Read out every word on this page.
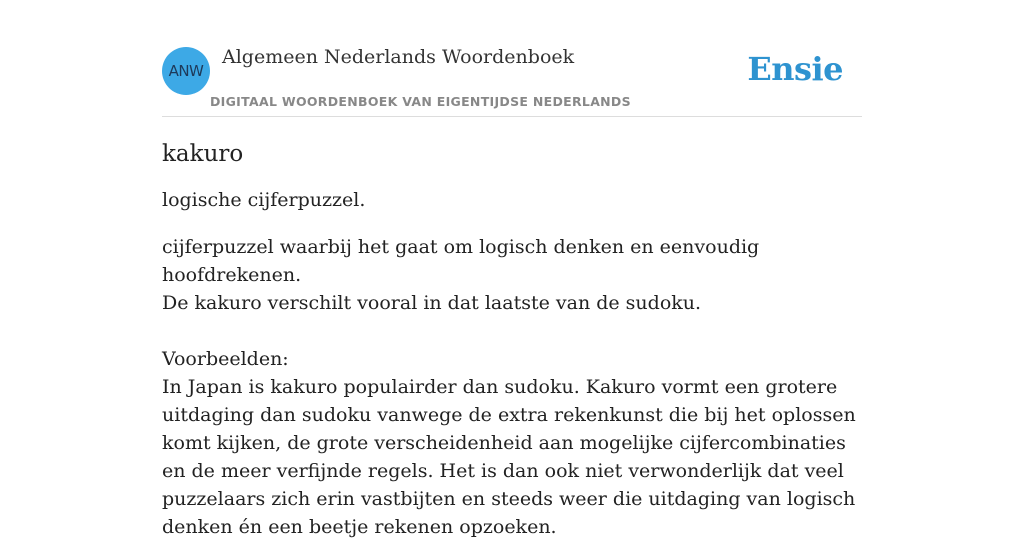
ANW
Algemeen Nederlands Woordenboek
DIGITAAL WOORDENBOEK VAN EIGENTIJDSE NEDERLANDS
Ensie
kakuro

logische cijferpuzzel.

cijferpuzzel waarbij het gaat om logisch denken en eenvoudig hoofdrekenen.
De kakuro verschilt vooral in dat laatste van de sudoku.

Voorbeelden:

In Japan is kakuro populairder dan sudoku. Kakuro vormt een grotere uitdaging dan sudoku vanwege de extra rekenkunst die bij het oplossen komt kijken, de grote verscheidenheid aan mogelijke cijfercombinaties en de meer verfijnde regels. Het is dan ook niet verwonderlijk dat veel puzzelaars zich erin vastbijten en steeds weer die uitdaging van logisch denken én een beetje rekenen opzoeken.
